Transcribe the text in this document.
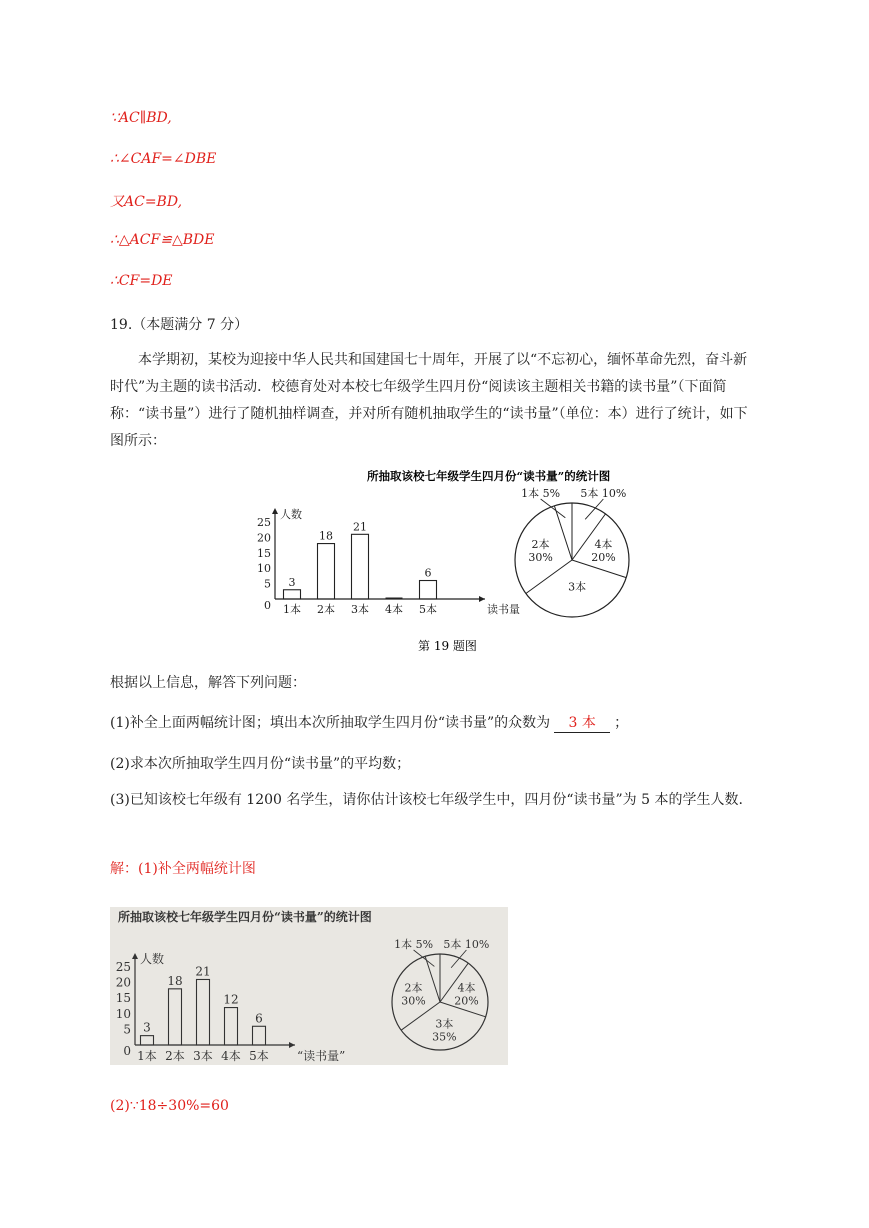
∵AC∥BD,
∴∠CAF=∠DBE
又AC=BD,
∴△ACF≌△BDE
∴CF=DE
19.（本题满分 7 分）
本学期初，某校为迎接中华人民共和国建国七十周年，开展了以“不忘初心，缅怀革命先烈，奋斗新时代”为主题的读书活动．校德育处对本校七年级学生四月份“阅读该主题相关书籍的读书量”（下面简称：“读书量”）进行了随机抽样调查，并对所有随机抽取学生的“读书量”（单位：本）进行了统计，如下图所示：
所抽取该校七年级学生四月份“读书量”的统计图
人数
0
5
10
15
20
25
1本
3
2本
18
3本
21
4本 5本
6
读书量
1本 5% 5本 10%
4本
20%
3本
2本
30%
第 19 题图
根据以上信息，解答下列问题：
(1)补全上面两幅统计图；填出本次所抽取学生四月份“读书量”的众数为 3 本 ；
(2)求本次所抽取学生四月份“读书量”的平均数；
(3)已知该校七年级有 1200 名学生，请你估计该校七年级学生中，四月份“读书量”为 5 本的学生人数.
解：(1)补全两幅统计图
所抽取该校七年级学生四月份“读书量”的统计图
人数
0
5
10
15
20
25
1本
3
2本
18
3本
21
4本
12
5本
6
“读书量”
1本 5% 5本 10%
4本
20%
3本
35%
2本
30%
(2)∵18÷30%=60
